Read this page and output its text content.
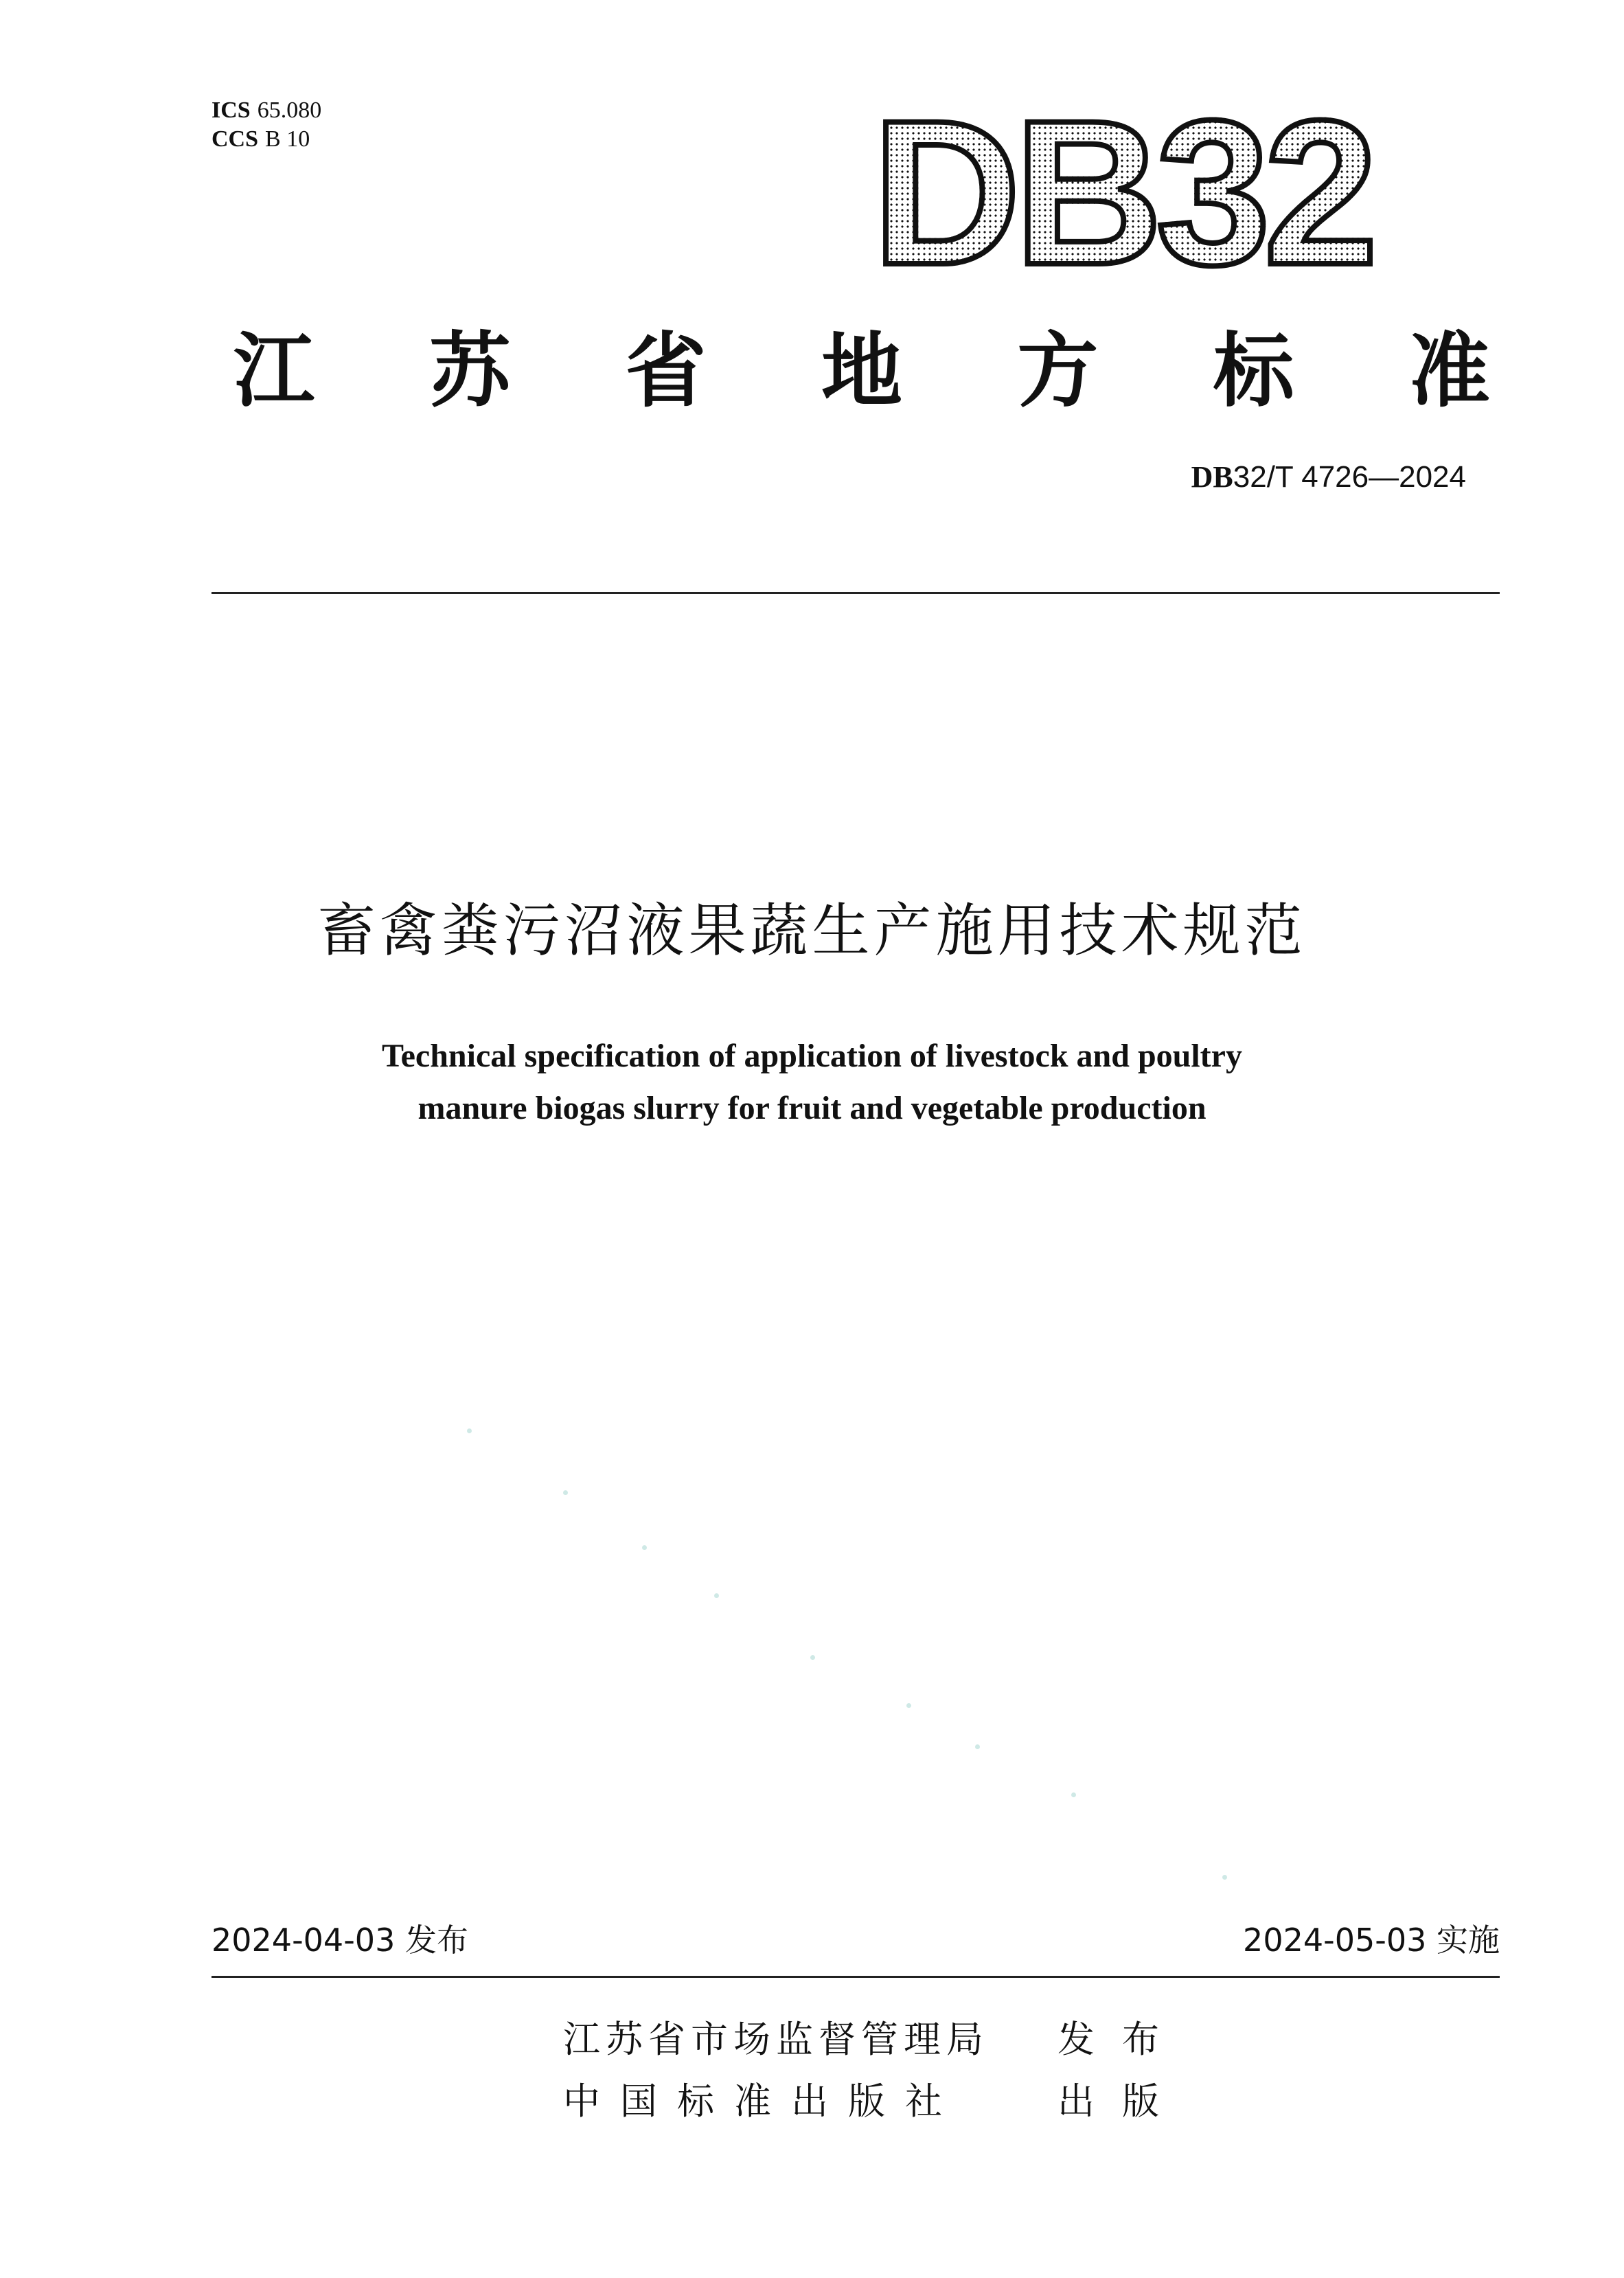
ICS 65.080
CCS B 10	DB32
江 苏 省 地 方 标 准
DB32/T 4726—2024
畜禽粪污沼液果蔬生产施用技术规范
Technical specification of application of livestock and poultry
manure biogas slurry for fruit and vegetable production
2024-04-03 发布	2024-05-03 实施
江苏省市场监督管理局	发布
中国标准出版社	出版
